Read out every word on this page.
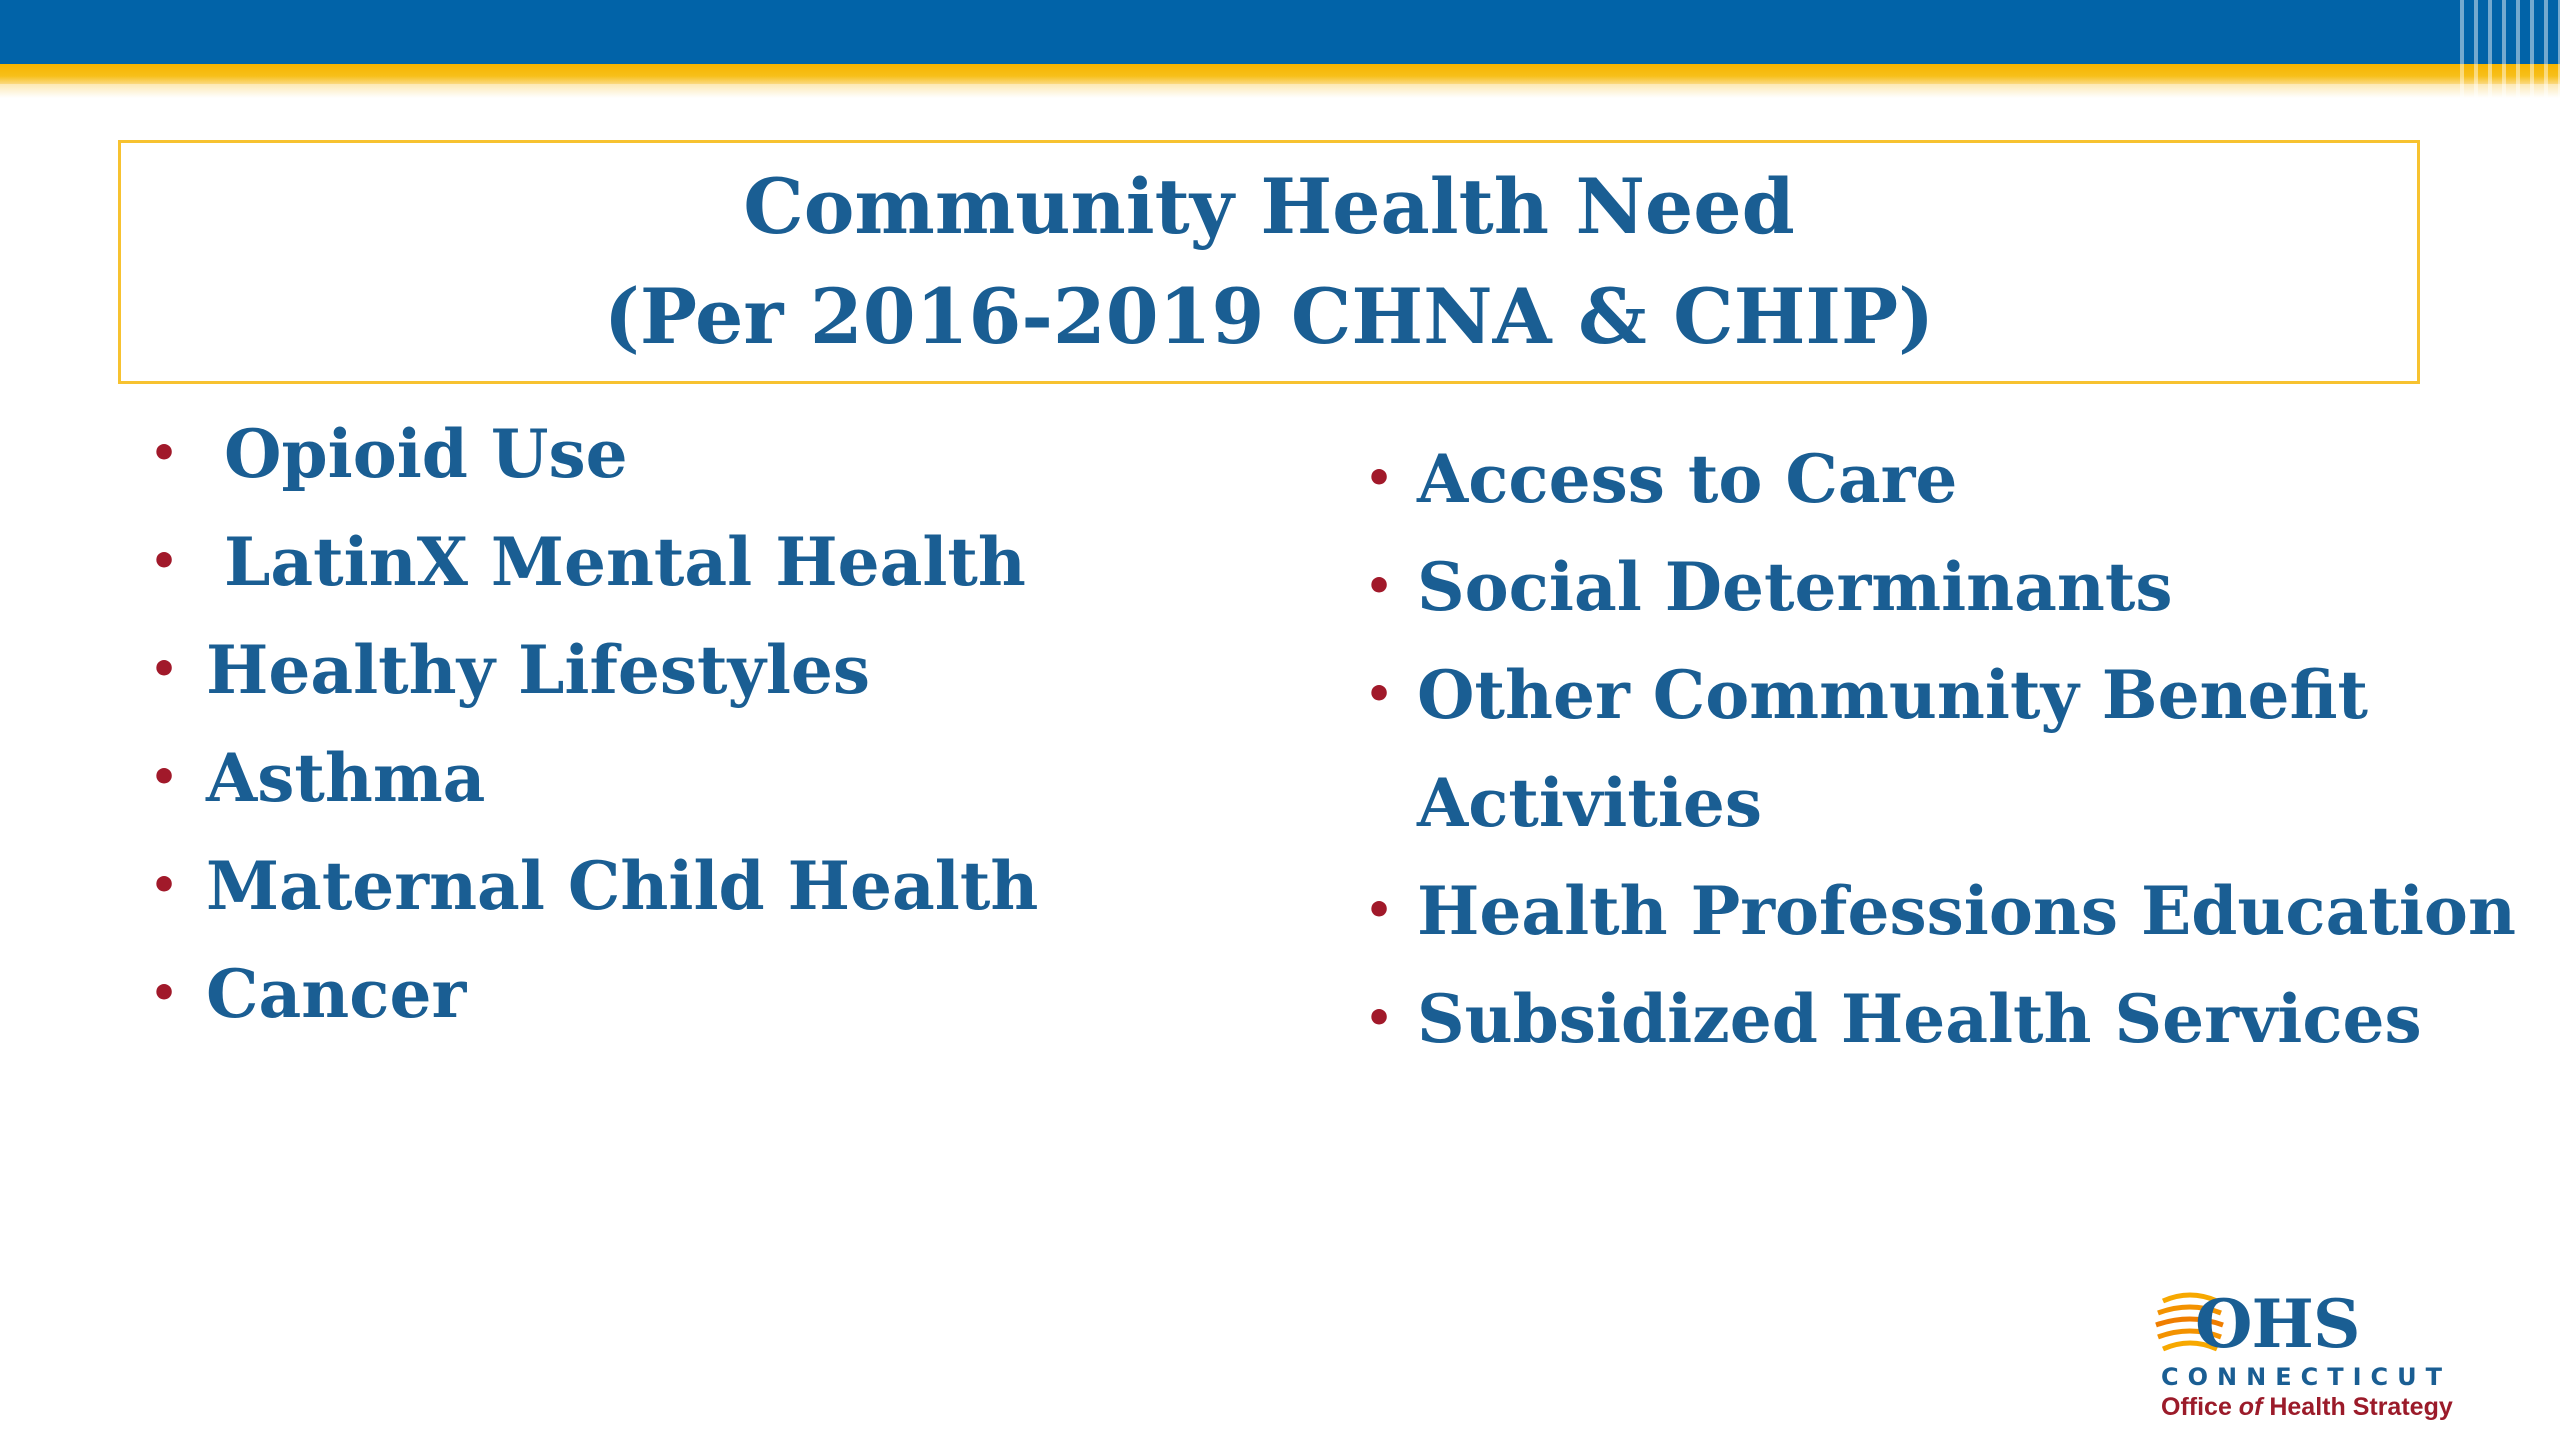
Community Health Need
(Per 2016-2019 CHNA & CHIP)
• Opioid Use
• LatinX Mental Health
• Healthy Lifestyles
• Asthma
• Maternal Child Health
• Cancer
• Access to Care
• Social Determinants
• Other Community Benefit Activities
• Health Professions Education
• Subsidized Health Services
OHS
CONNECTICUT
Office of Health Strategy
